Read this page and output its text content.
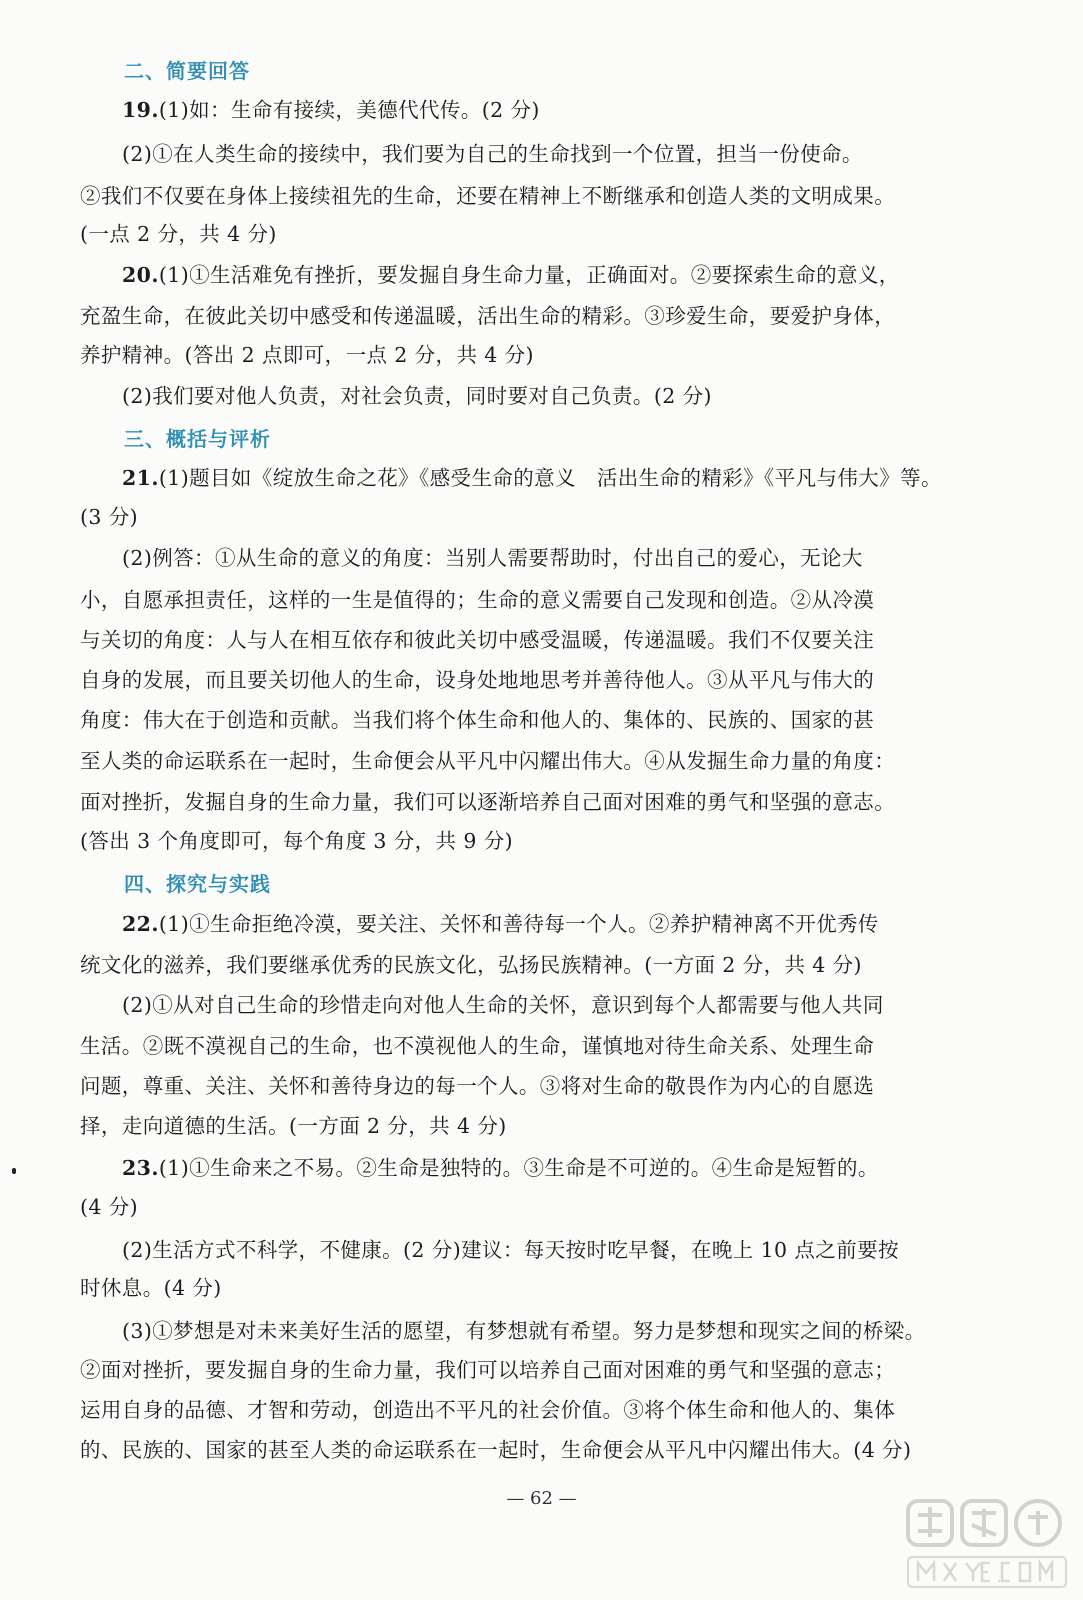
二、简要回答
19.(1)如：生命有接续，美德代代传。(2 分)
(2)①在人类生命的接续中，我们要为自己的生命找到一个位置，担当一份使命。
②我们不仅要在身体上接续祖先的生命，还要在精神上不断继承和创造人类的文明成果。
(一点 2 分，共 4 分)
20.(1)①生活难免有挫折，要发掘自身生命力量，正确面对。②要探索生命的意义，
充盈生命，在彼此关切中感受和传递温暖，活出生命的精彩。③珍爱生命，要爱护身体，
养护精神。(答出 2 点即可，一点 2 分，共 4 分)
(2)我们要对他人负责，对社会负责，同时要对自己负责。(2 分)
三、概括与评析
21.(1)题目如《绽放生命之花》《感受生命的意义　活出生命的精彩》《平凡与伟大》等。
(3 分)
(2)例答：①从生命的意义的角度：当别人需要帮助时，付出自己的爱心，无论大
小，自愿承担责任，这样的一生是值得的；生命的意义需要自己发现和创造。②从冷漠
与关切的角度：人与人在相互依存和彼此关切中感受温暖，传递温暖。我们不仅要关注
自身的发展，而且要关切他人的生命，设身处地地思考并善待他人。③从平凡与伟大的
角度：伟大在于创造和贡献。当我们将个体生命和他人的、集体的、民族的、国家的甚
至人类的命运联系在一起时，生命便会从平凡中闪耀出伟大。④从发掘生命力量的角度：
面对挫折，发掘自身的生命力量，我们可以逐渐培养自己面对困难的勇气和坚强的意志。
(答出 3 个角度即可，每个角度 3 分，共 9 分)
四、探究与实践
22.(1)①生命拒绝冷漠，要关注、关怀和善待每一个人。②养护精神离不开优秀传
统文化的滋养，我们要继承优秀的民族文化，弘扬民族精神。(一方面 2 分，共 4 分)
(2)①从对自己生命的珍惜走向对他人生命的关怀，意识到每个人都需要与他人共同
生活。②既不漠视自己的生命，也不漠视他人的生命，谨慎地对待生命关系、处理生命
问题，尊重、关注、关怀和善待身边的每一个人。③将对生命的敬畏作为内心的自愿选
择，走向道德的生活。(一方面 2 分，共 4 分)
23.(1)①生命来之不易。②生命是独特的。③生命是不可逆的。④生命是短暂的。
(4 分)
(2)生活方式不科学，不健康。(2 分)建议：每天按时吃早餐，在晚上 10 点之前要按
时休息。(4 分)
(3)①梦想是对未来美好生活的愿望，有梦想就有希望。努力是梦想和现实之间的桥梁。
②面对挫折，要发掘自身的生命力量，我们可以培养自己面对困难的勇气和坚强的意志；
运用自身的品德、才智和劳动，创造出不平凡的社会价值。③将个体生命和他人的、集体
的、民族的、国家的甚至人类的命运联系在一起时，生命便会从平凡中闪耀出伟大。(4 分)
— 62 —
